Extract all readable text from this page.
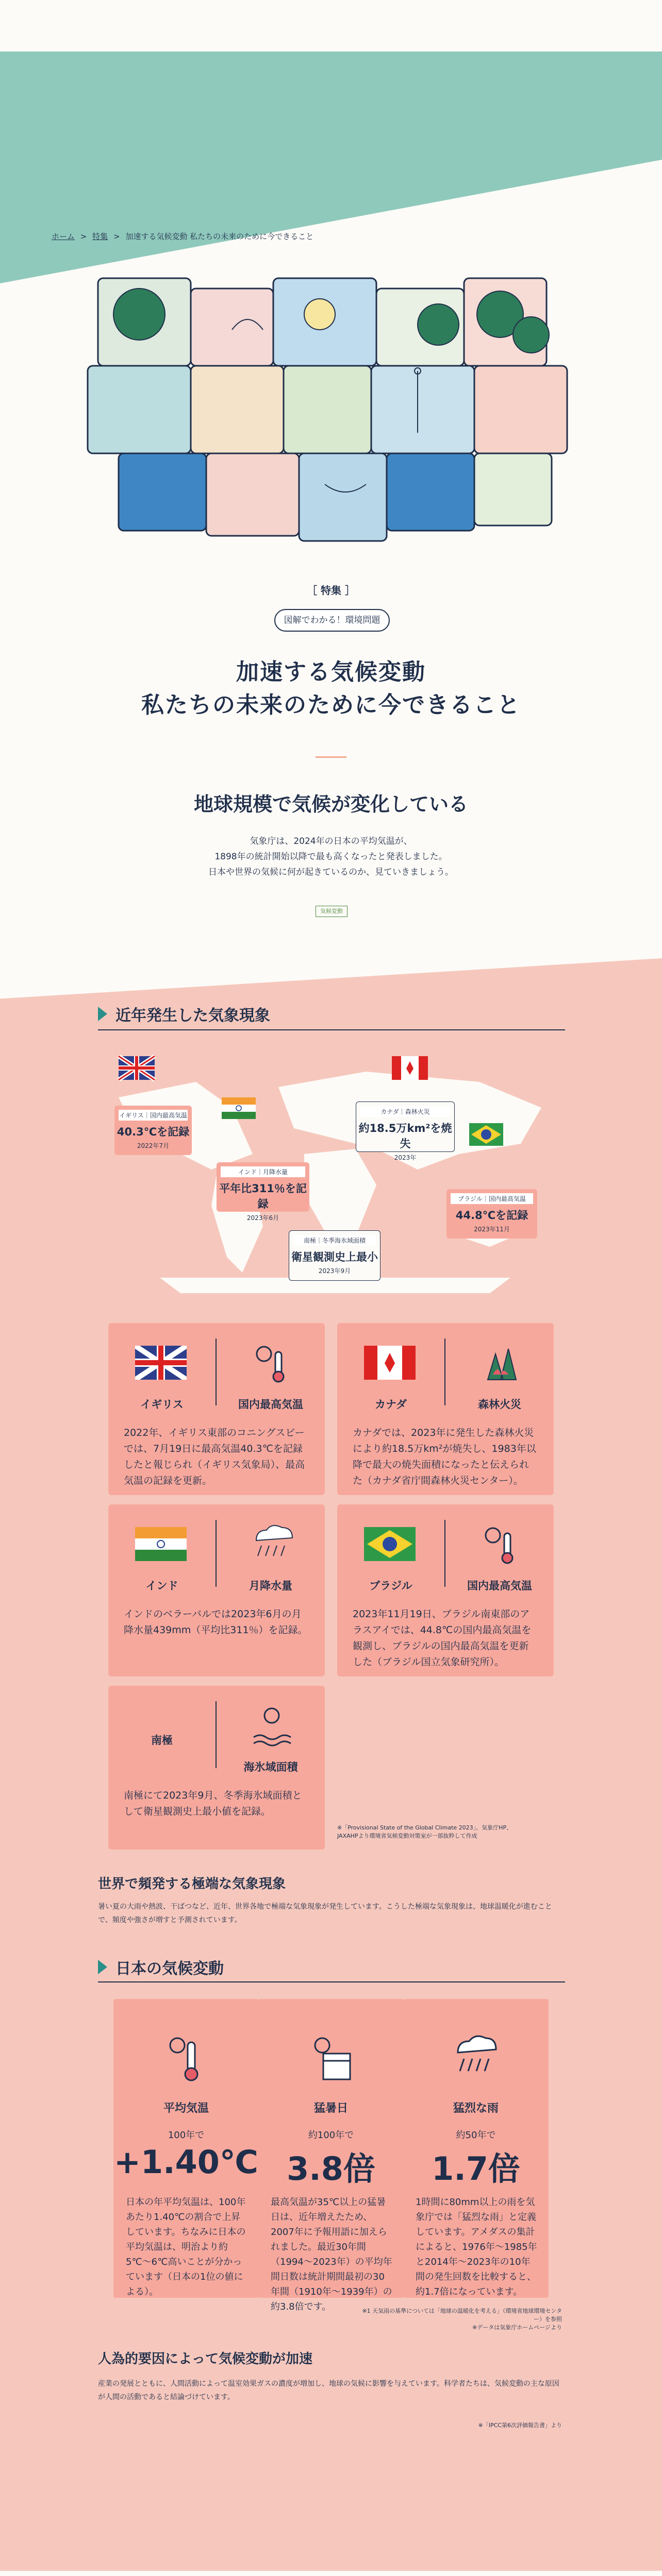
ホーム > 特集 > 加速する気候変動 私たちの未来のために今できること
［ 特集 ］
図解でわかる！環境問題
加速する気候変動
私たちの未来のために今できること
地球規模で気候が変化している
気象庁は、2024年の日本の平均気温が、
1898年の統計開始以降で最も高くなったと発表しました。
日本や世界の気候に何が起きているのか、見ていきましょう。
気候変動
近年発生した気象現象
イギリス｜国内最高気温
40.3℃を記録
2022年7月
インド｜月降水量
平年比311％を記録
2023年6月
カナダ｜森林火災
約18.5万km²を焼失
2023年
南極｜冬季海氷域面積
衛星観測史上最小
2023年9月
ブラジル｜国内最高気温
44.8℃を記録
2023年11月
イギリス	国内最高気温
2022年、イギリス東部のコニングスビーでは、7月19日に最高気温40.3℃を記録したと報じられ（イギリス気象局）、最高気温の記録を更新。
カナダ	森林火災
カナダでは、2023年に発生した森林火災により約18.5万km²が焼失し、1983年以降で最大の焼失面積になったと伝えられた（カナダ省庁間森林火災センター）。
インド	月降水量
インドのベラーバルでは2023年6月の月降水量439mm（平均比311％）を記録。
ブラジル	国内最高気温
2023年11月19日、ブラジル南東部のアラスアイでは、44.8℃の国内最高気温を観測し、ブラジルの国内最高気温を更新した（ブラジル国立気象研究所）。
南極
海氷域面積
南極にて2023年9月、冬季海氷域面積として衛星観測史上最小値を記録。
※「Provisional State of the Global Climate 2023」、気象庁HP、
JAXAHPより環境省気候変動対策室が一部抜粋して作成
世界で頻発する極端な気象現象
暑い夏の大雨や熱波、干ばつなど、近年、世界各地で極端な気象現象が発生しています。こうした極端な気象現象は、地球温暖化が進むことで、頻度や強さが増すと予測されています。
日本の気候変動
平均気温
100年で
+1.40℃
日本の年平均気温は、100年あたり1.40℃の割合で上昇しています。ちなみに日本の平均気温は、明治より約5℃〜6℃高いことが分かっています（日本の1位の値による）。
猛暑日
約100年で
3.8倍
最高気温が35℃以上の猛暑日は、近年増えたため、2007年に予報用語に加えられました。最近30年間（1994〜2023年）の平均年間日数は統計期間最初の30年間（1910年〜1939年）の約3.8倍です。
猛烈な雨
約50年で
1.7倍
1時間に80mm以上の雨を気象庁では「猛烈な雨」と定義しています。アメダスの集計によると、1976年〜1985年と2014年〜2023年の10年間の発生回数を比較すると、約1.7倍になっています。
※1 天気雨の基準については「地球の温暖化を考える」（環境省地球環境センター）を参照
※データは気象庁ホームページより
人為的要因によって気候変動が加速
産業の発展とともに、人間活動によって温室効果ガスの濃度が増加し、地球の気候に影響を与えています。科学者たちは、気候変動の主な原因が人間の活動であると結論づけています。
※「IPCC第6次評価報告書」より
